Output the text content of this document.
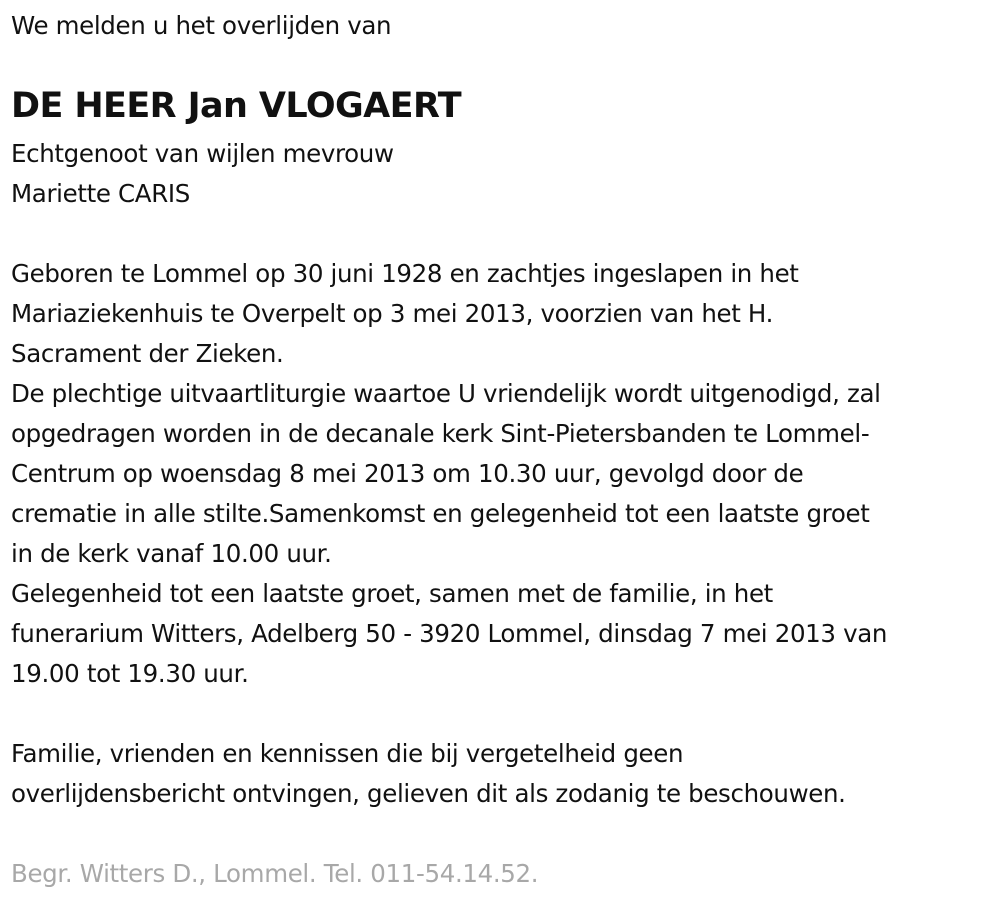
We melden u het overlijden van
DE HEER Jan VLOGAERT
Echtgenoot van wijlen mevrouw
Mariette CARIS
Geboren te Lommel op 30 juni 1928 en zachtjes ingeslapen in het
Mariaziekenhuis te Overpelt op 3 mei 2013, voorzien van het H.
Sacrament der Zieken.
De plechtige uitvaartliturgie waartoe U vriendelijk wordt uitgenodigd, zal
opgedragen worden in de decanale kerk Sint-Pietersbanden te Lommel-
Centrum op woensdag 8 mei 2013 om 10.30 uur, gevolgd door de
crematie in alle stilte.Samenkomst en gelegenheid tot een laatste groet
in de kerk vanaf 10.00 uur.
Gelegenheid tot een laatste groet, samen met de familie, in het
funerarium Witters, Adelberg 50 - 3920 Lommel, dinsdag 7 mei 2013 van
19.00 tot 19.30 uur.
Familie, vrienden en kennissen die bij vergetelheid geen
overlijdensbericht ontvingen, gelieven dit als zodanig te beschouwen.
Begr. Witters D., Lommel. Tel. 011-54.14.52.
